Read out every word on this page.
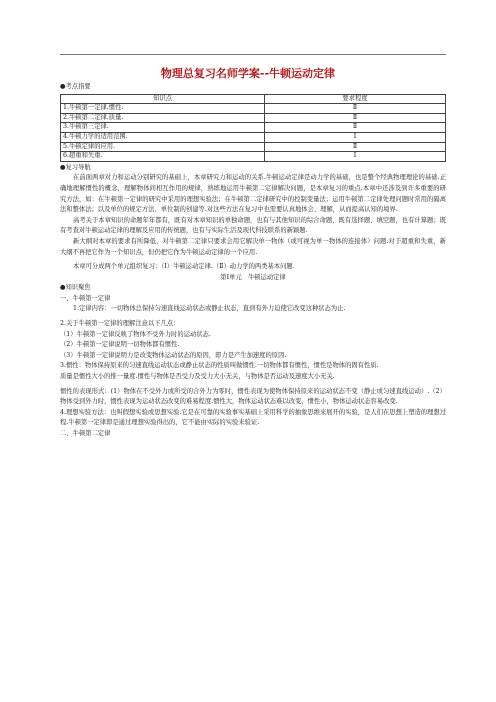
物理总复习名师学案--牛顿运动定律
●考点指要
知识点	要求程度
1.牛顿第一定律.惯性.	Ⅱ
2.牛顿第二定律.质量.	Ⅱ
3.牛顿第三定律.	Ⅱ
4.牛顿力学的适用范围.	Ⅰ
5.牛顿定律的应用.	Ⅱ
6.超重和失重.	Ⅰ
●复习导航

在前面两章对力和运动分别研究的基础上，本章研究力和运动的关系.牛顿运动定律是动力学的基础，也是整个经典物理理论的基础.正确地理解惯性的概念，理解物体间相互作用的规律，熟练地运用牛顿第二定律解决问题，是本章复习的重点.本章中还涉及到许多重要的研究方法，如：在牛顿第一定律的研究中采用的理想实验法；在牛顿第二定律研究中的控制变量法；运用牛顿第二定律处理问题时常用的隔离法和整体法；以及单位的规定方法、单位制的创建等.对这些方法在复习中也需要认真地体会、理解，从而提高认知的境界.

高考关于本章知识的命题年年都有，既有对本章知识的单独命题，也有与其他知识的综合命题，既有选择题、填空题，也有计算题；既有考查对牛顿运动定律的理解及应用的传统题，也有与实际生活及现代科技联系的新颖题.

新大纲对本章的要求有所降低，对牛顿第二定律只要求会用它解决单一物体（或可视为单一物体的连接体）问题.对于超重和失重，新大纲不再把它作为一个知识点，但仍把它作为牛顿运动定律的一个应用.

本章可分成两个单元组织复习：（Ⅰ）牛顿运动定律.（Ⅱ）动力学的两类基本问题.

第Ⅰ单元　牛顿运动定律

●知识聚焦

一、牛顿第一定律

1.定律内容：一切物体总保持匀速直线运动状态或静止状态，直到有外力迫使它改变这种状态为止.

2.关于牛顿第一定律的理解注意以下几点：

（1）牛顿第一定律反映了物体不受外力时的运动状态.

（2）牛顿第一定律说明一切物体都有惯性.

（3）牛顿第一定律说明力是改变物体运动状态的原因，即力是产生加速度的原因.

3.惯性：物体保持原来的匀速直线运动状态或静止状态的性质叫做惯性.一切物体都有惯性，惯性是物体的固有性质.

质量是惯性大小的惟一量度.惯性与物体是否受力及受力大小无关，与物体是否运动及速度大小无关.

惯性的表现形式：(1）物体在不受外力或所受的合外力为零时，惯性表现为使物体保持原来的运动状态不变（静止或匀速直线运动）.（2）物体受到外力时，惯性表现为运动状态改变的难易程度.惯性大，物体运动状态难以改变，惯性小，物体运动状态容易改变.

4.理想实验方法：也叫假想实验或思想实验.它是在可靠的实验事实基础上采用科学的抽象思维来展开的实验，是人们在思想上塑造的理想过程.牛顿第一定律即是通过理想实验得出的，它不能由实际的实验来验证.

二、牛顿第二定律
